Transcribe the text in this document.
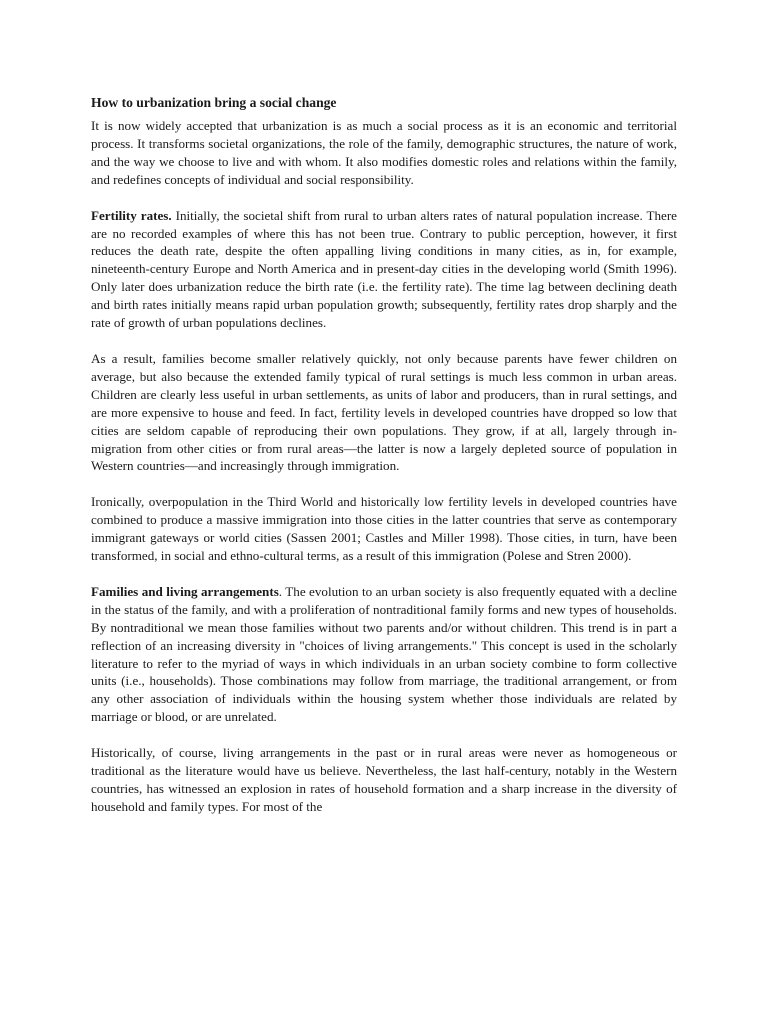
How to urbanization bring a social change

It is now widely accepted that urbanization is as much a social process as it is an economic and territorial process. It transforms societal organizations, the role of the family, demographic structures, the nature of work, and the way we choose to live and with whom. It also modifies domestic roles and relations within the family, and redefines concepts of individual and social responsibility.

Fertility rates. Initially, the societal shift from rural to urban alters rates of natural population increase. There are no recorded examples of where this has not been true. Contrary to public perception, however, it first reduces the death rate, despite the often appalling living conditions in many cities, as in, for example, nineteenth-century Europe and North America and in present-day cities in the developing world (Smith 1996). Only later does urbanization reduce the birth rate (i.e. the fertility rate). The time lag between declining death and birth rates initially means rapid urban population growth; subsequently, fertility rates drop sharply and the rate of growth of urban populations declines.

As a result, families become smaller relatively quickly, not only because parents have fewer children on average, but also because the extended family typical of rural settings is much less common in urban areas. Children are clearly less useful in urban settlements, as units of labor and producers, than in rural settings, and are more expensive to house and feed. In fact, fertility levels in developed countries have dropped so low that cities are seldom capable of reproducing their own populations. They grow, if at all, largely through in-migration from other cities or from rural areas—the latter is now a largely depleted source of population in Western countries—and increasingly through immigration.

Ironically, overpopulation in the Third World and historically low fertility levels in developed countries have combined to produce a massive immigration into those cities in the latter countries that serve as contemporary immigrant gateways or world cities (Sassen 2001; Castles and Miller 1998). Those cities, in turn, have been transformed, in social and ethno-cultural terms, as a result of this immigration (Polese and Stren 2000).

Families and living arrangements. The evolution to an urban society is also frequently equated with a decline in the status of the family, and with a proliferation of nontraditional family forms and new types of households. By nontraditional we mean those families without two parents and/or without children. This trend is in part a reflection of an increasing diversity in "choices of living arrangements." This concept is used in the scholarly literature to refer to the myriad of ways in which individuals in an urban society combine to form collective units (i.e., households). Those combinations may follow from marriage, the traditional arrangement, or from any other association of individuals within the housing system whether those individuals are related by marriage or blood, or are unrelated.

Historically, of course, living arrangements in the past or in rural areas were never as homogeneous or traditional as the literature would have us believe. Nevertheless, the last half-century, notably in the Western countries, has witnessed an explosion in rates of household formation and a sharp increase in the diversity of household and family types. For most of the
